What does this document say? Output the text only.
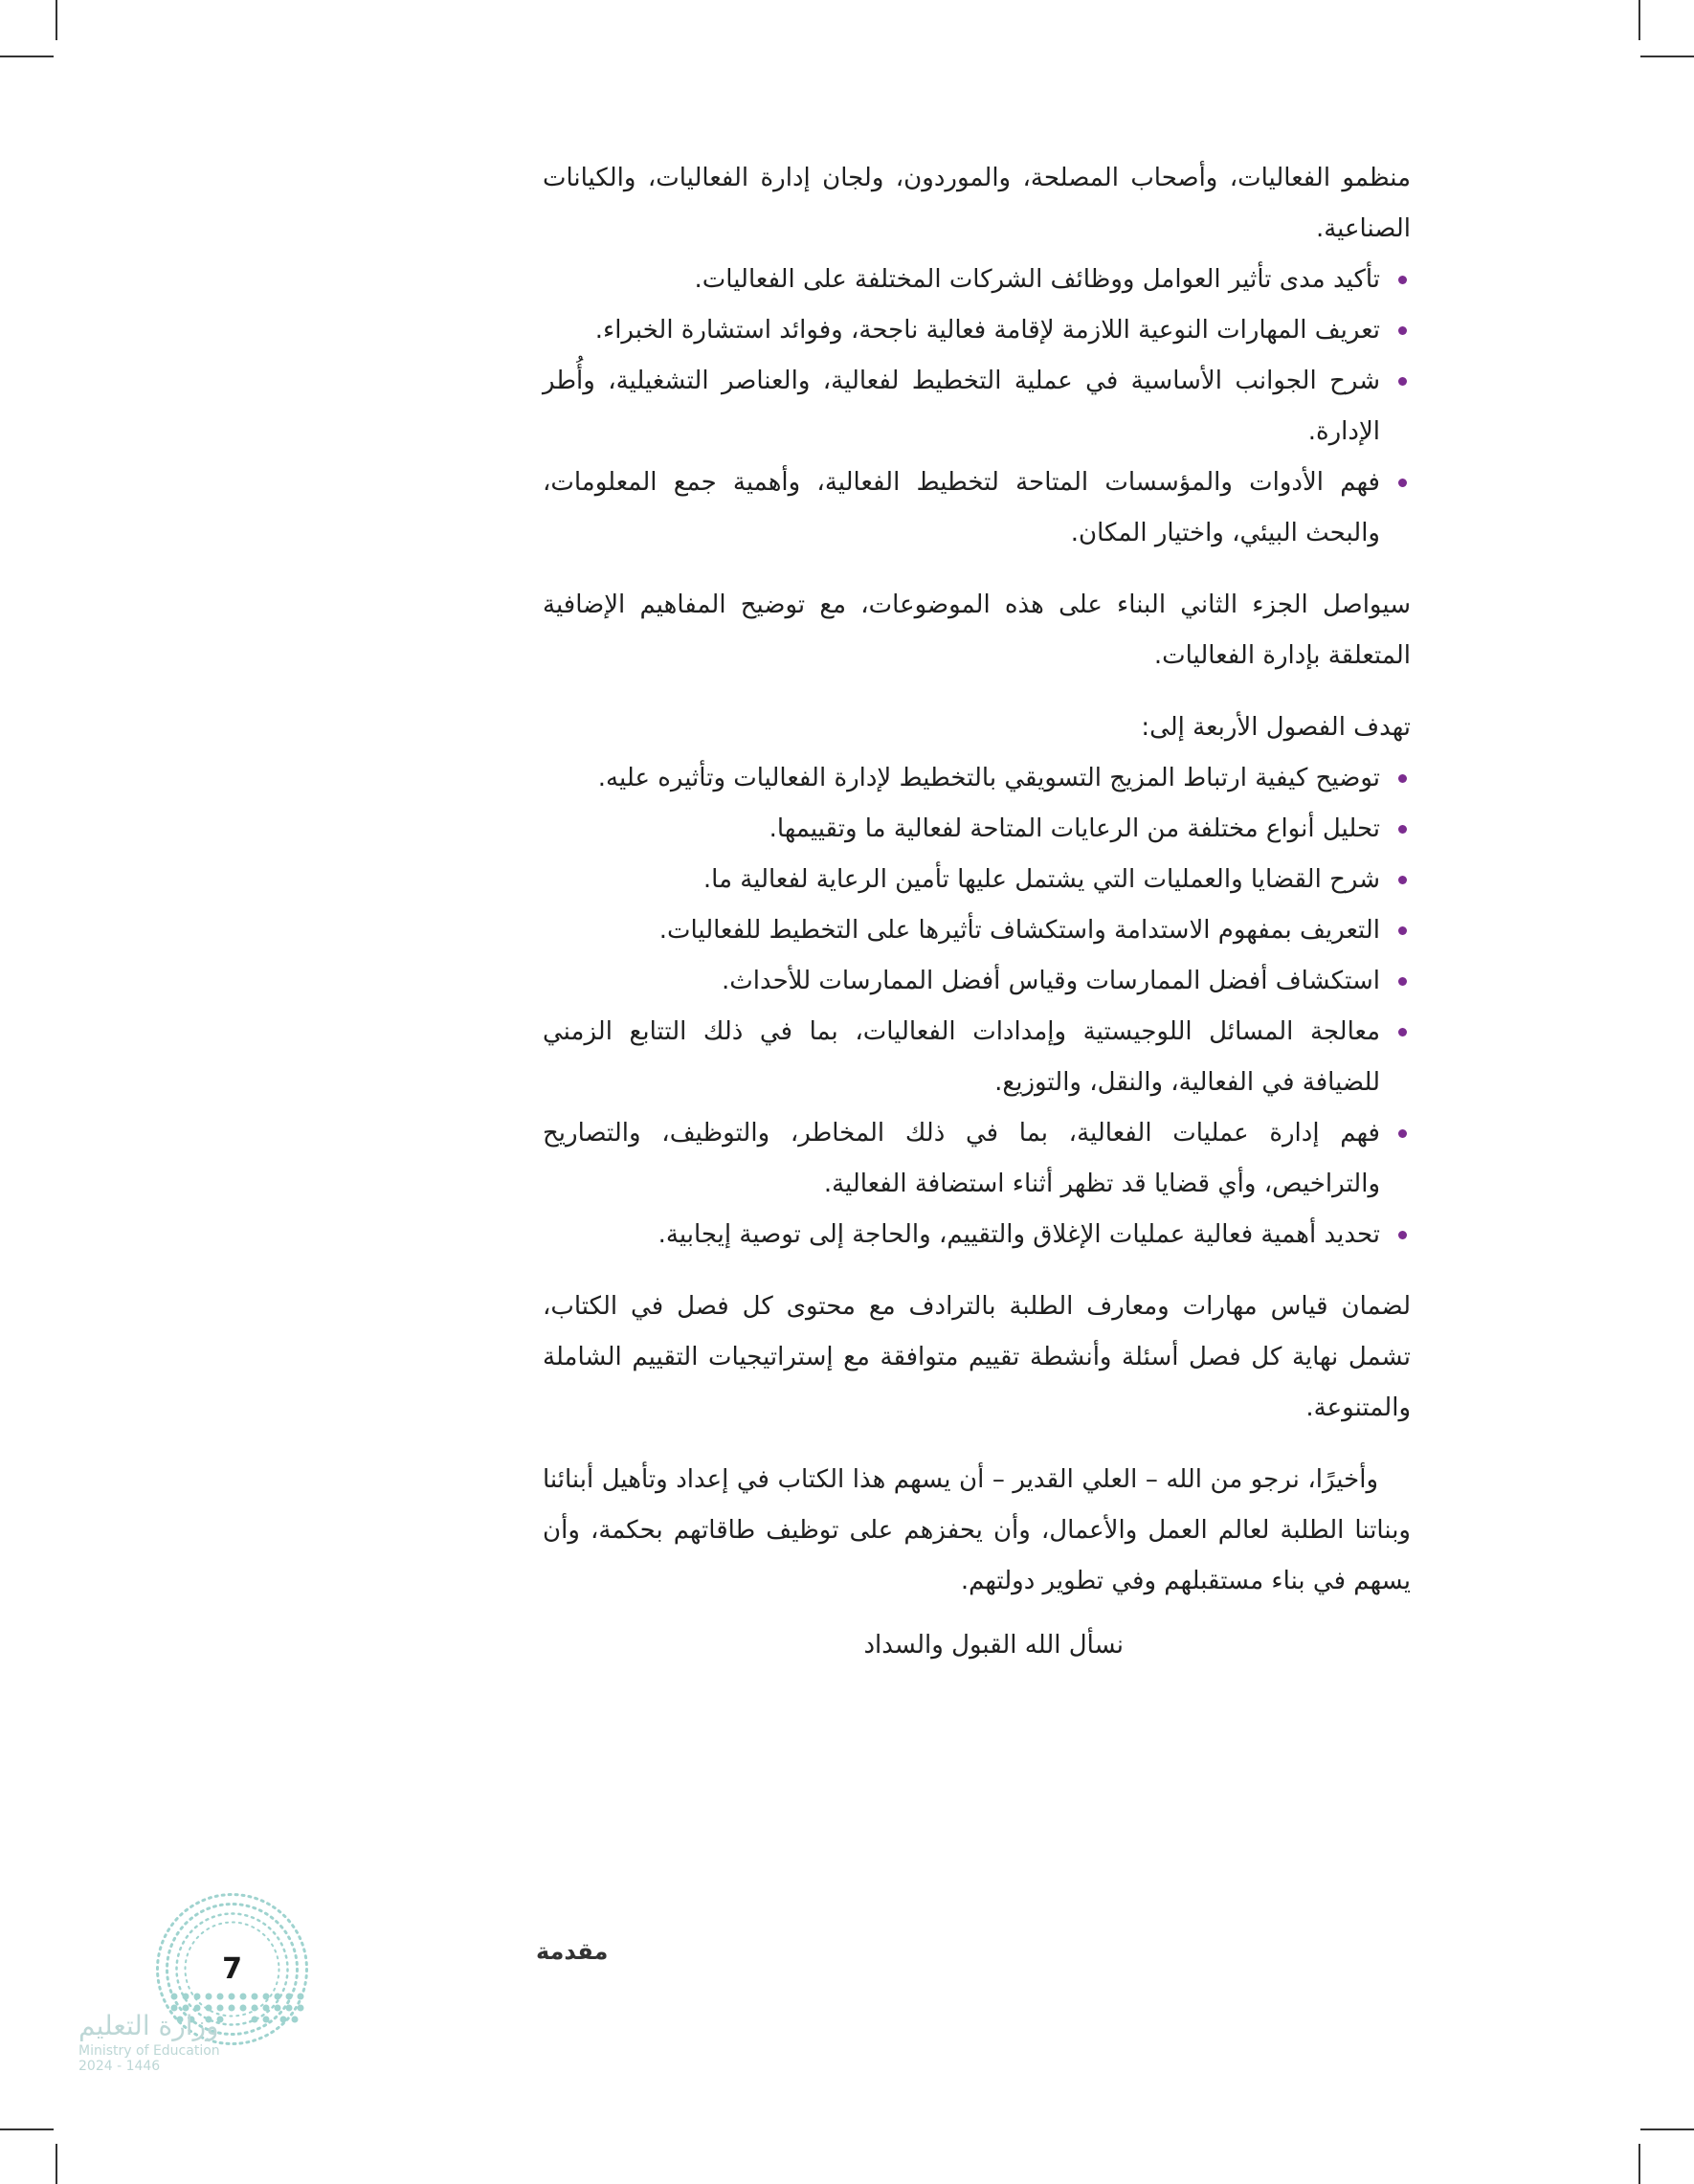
منظمو الفعاليات، وأصحاب المصلحة، والموردون، ولجان إدارة الفعاليات، والكيانات الصناعية.

تأكيد مدى تأثير العوامل ووظائف الشركات المختلفة على الفعاليات.
تعريف المهارات النوعية اللازمة لإقامة فعالية ناجحة، وفوائد استشارة الخبراء.
شرح الجوانب الأساسية في عملية التخطيط لفعالية، والعناصر التشغيلية، وأُطر الإدارة.
فهم الأدوات والمؤسسات المتاحة لتخطيط الفعالية، وأهمية جمع المعلومات، والبحث البيئي، واختيار المكان.

سيواصل الجزء الثاني البناء على هذه الموضوعات، مع توضيح المفاهيم الإضافية المتعلقة بإدارة الفعاليات.

تهدف الفصول الأربعة إلى:

توضيح كيفية ارتباط المزيج التسويقي بالتخطيط لإدارة الفعاليات وتأثيره عليه.
تحليل أنواع مختلفة من الرعايات المتاحة لفعالية ما وتقييمها.
شرح القضايا والعمليات التي يشتمل عليها تأمين الرعاية لفعالية ما.
التعريف بمفهوم الاستدامة واستكشاف تأثيرها على التخطيط للفعاليات.
استكشاف أفضل الممارسات وقياس أفضل الممارسات للأحداث.
معالجة المسائل اللوجيستية وإمدادات الفعاليات، بما في ذلك التتابع الزمني للضيافة في الفعالية، والنقل، والتوزيع.
فهم إدارة عمليات الفعالية، بما في ذلك المخاطر، والتوظيف، والتصاريح والتراخيص، وأي قضايا قد تظهر أثناء استضافة الفعالية.
تحديد أهمية فعالية عمليات الإغلاق والتقييم، والحاجة إلى توصية إيجابية.

لضمان قياس مهارات ومعارف الطلبة بالترادف مع محتوى كل فصل في الكتاب، تشمل نهاية كل فصل أسئلة وأنشطة تقييم متوافقة مع إستراتيجيات التقييم الشاملة والمتنوعة.

وأخيرًا، نرجو من الله – العلي القدير – أن يسهم هذا الكتاب في إعداد وتأهيل أبنائنا وبناتنا الطلبة لعالم العمل والأعمال، وأن يحفزهم على توظيف طاقاتهم بحكمة، وأن يسهم في بناء مستقبلهم وفي تطوير دولتهم.

نسأل الله القبول والسداد

مقدمة
7
وزارة التعليم
Ministry of Education
2024 - 1446
